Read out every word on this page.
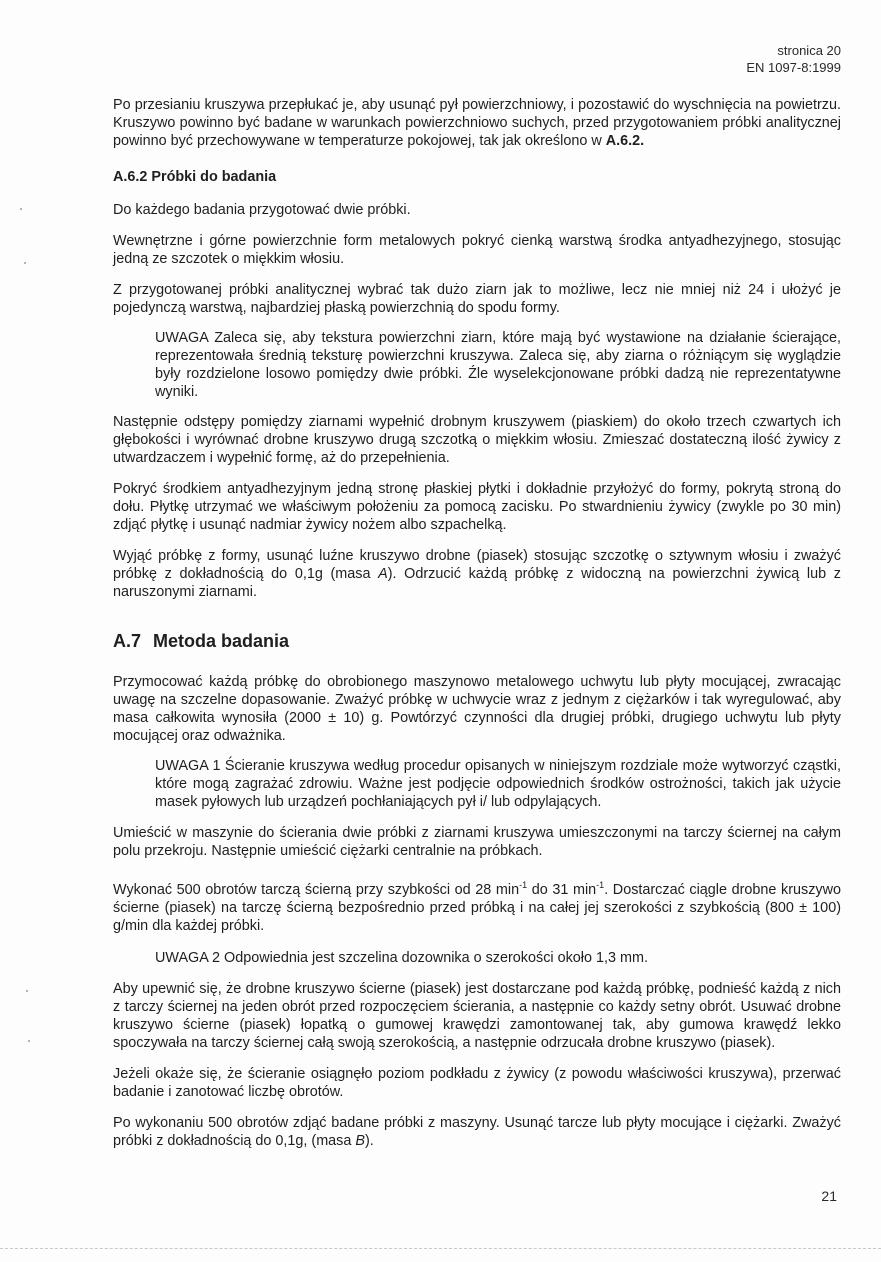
stronica 20
EN 1097-8:1999

Po przesianiu kruszywa przepłukać je, aby usunąć pył powierzchniowy, i pozostawić do wyschnięcia na powietrzu. Kruszywo powinno być badane w warunkach powierzchniowo suchych, przed przygotowaniem próbki analitycznej powinno być przechowywane w temperaturze pokojowej, tak jak określono w A.6.2.

A.6.2 Próbki do badania

Do każdego badania przygotować dwie próbki.

Wewnętrzne i górne powierzchnie form metalowych pokryć cienką warstwą środka antyadhezyjnego, stosując jedną ze szczotek o miękkim włosiu.

Z przygotowanej próbki analitycznej wybrać tak dużo ziarn jak to możliwe, lecz nie mniej niż 24 i ułożyć je pojedynczą warstwą, najbardziej płaską powierzchnią do spodu formy.

UWAGA Zaleca się, aby tekstura powierzchni ziarn, które mają być wystawione na działanie ścierające, reprezentowała średnią teksturę powierzchni kruszywa. Zaleca się, aby ziarna o różniącym się wyglądzie były rozdzielone losowo pomiędzy dwie próbki. Źle wyselekcjonowane próbki dadzą nie reprezentatywne wyniki.

Następnie odstępy pomiędzy ziarnami wypełnić drobnym kruszywem (piaskiem) do około trzech czwartych ich głębokości i wyrównać drobne kruszywo drugą szczotką o miękkim włosiu. Zmieszać dostateczną ilość żywicy z utwardzaczem i wypełnić formę, aż do przepełnienia.

Pokryć środkiem antyadhezyjnym jedną stronę płaskiej płytki i dokładnie przyłożyć do formy, pokrytą stroną do dołu. Płytkę utrzymać we właściwym położeniu za pomocą zacisku. Po stwardnieniu żywicy (zwykle po 30 min) zdjąć płytkę i usunąć nadmiar żywicy nożem albo szpachelką.

Wyjąć próbkę z formy, usunąć luźne kruszywo drobne (piasek) stosując szczotkę o sztywnym włosiu i zważyć próbkę z dokładnością do 0,1g (masa A). Odrzucić każdą próbkę z widoczną na powierzchni żywicą lub z naruszonymi ziarnami.

A.7 Metoda badania

Przymocować każdą próbkę do obrobionego maszynowo metalowego uchwytu lub płyty mocującej, zwracając uwagę na szczelne dopasowanie. Zważyć próbkę w uchwycie wraz z jednym z ciężarków i tak wyregulować, aby masa całkowita wynosiła (2000 ± 10) g. Powtórzyć czynności dla drugiej próbki, drugiego uchwytu lub płyty mocującej oraz odważnika.

UWAGA 1 Ścieranie kruszywa według procedur opisanych w niniejszym rozdziale może wytworzyć cząstki, które mogą zagrażać zdrowiu. Ważne jest podjęcie odpowiednich środków ostrożności, takich jak użycie masek pyłowych lub urządzeń pochłaniających pył i/ lub odpylających.

Umieścić w maszynie do ścierania dwie próbki z ziarnami kruszywa umieszczonymi na tarczy ściernej na całym polu przekroju. Następnie umieścić ciężarki centralnie na próbkach.

Wykonać 500 obrotów tarczą ścierną przy szybkości od 28 $\min^{-1}$ do 31 $\min^{-1}$. Dostarczać ciągle drobne kruszywo ścierne (piasek) na tarczę ścierną bezpośrednio przed próbką i na całej jej szerokości z szybkością (800 ± 100) g/min dla każdej próbki.

UWAGA 2 Odpowiednia jest szczelina dozownika o szerokości około 1,3 mm.

Aby upewnić się, że drobne kruszywo ścierne (piasek) jest dostarczane pod każdą próbkę, podnieść każdą z nich z tarczy ściernej na jeden obrót przed rozpoczęciem ścierania, a następnie co każdy setny obrót. Usuwać drobne kruszywo ścierne (piasek) łopatką o gumowej krawędzi zamontowanej tak, aby gumowa krawędź lekko spoczywała na tarczy ściernej całą swoją szerokością, a następnie odrzucała drobne kruszywo (piasek).

Jeżeli okaże się, że ścieranie osiągnęło poziom podkładu z żywicy (z powodu właściwości kruszywa), przerwać badanie i zanotować liczbę obrotów.

Po wykonaniu 500 obrotów zdjąć badane próbki z maszyny. Usunąć tarcze lub płyty mocujące i ciężarki. Zważyć próbki z dokładnością do 0,1g, (masa B).

21
